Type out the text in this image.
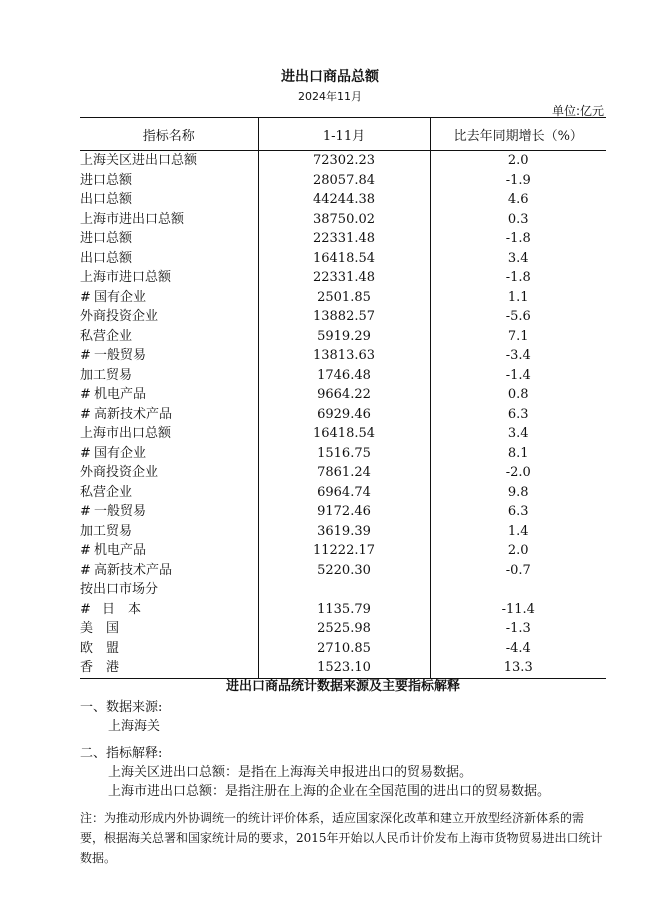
进出口商品总额
2024年11月
单位:亿元
指标名称	1-11月	比去年同期增长（%）
上海关区进出口总额	72302.23	2.0
进口总额	28057.84	-1.9
出口总额	44244.38	4.6
上海市进出口总额	38750.02	0.3
进口总额	22331.48	-1.8
出口总额	16418.54	3.4
上海市进口总额	22331.48	-1.8
# 国有企业	2501.85	1.1
外商投资企业	13882.57	-5.6
私营企业	5919.29	7.1
# 一般贸易	13813.63	-3.4
加工贸易	1746.48	-1.4
# 机电产品	9664.22	0.8
# 高新技术产品	6929.46	6.3
上海市出口总额	16418.54	3.4
# 国有企业	1516.75	8.1
外商投资企业	7861.24	-2.0
私营企业	6964.74	9.8
# 一般贸易	9172.46	6.3
加工贸易	3619.39	1.4
# 机电产品	11222.17	2.0
# 高新技术产品	5220.30	-0.7
按出口市场分		
# 日　本	1135.79	-11.4
美　国	2525.98	-1.3
欧　盟	2710.85	-4.4
香　港	1523.10	13.3
进出口商品统计数据来源及主要指标解释

一、数据来源:

上海海关

二、指标解释:

上海关区进出口总额：是指在上海海关申报进出口的贸易数据。

上海市进出口总额：是指注册在上海的企业在全国范围的进出口的贸易数据。

注：为推动形成内外协调统一的统计评价体系，适应国家深化改革和建立开放型经济新体系的需要，根据海关总署和国家统计局的要求，2015年开始以人民币计价发布上海市货物贸易进出口统计数据。
